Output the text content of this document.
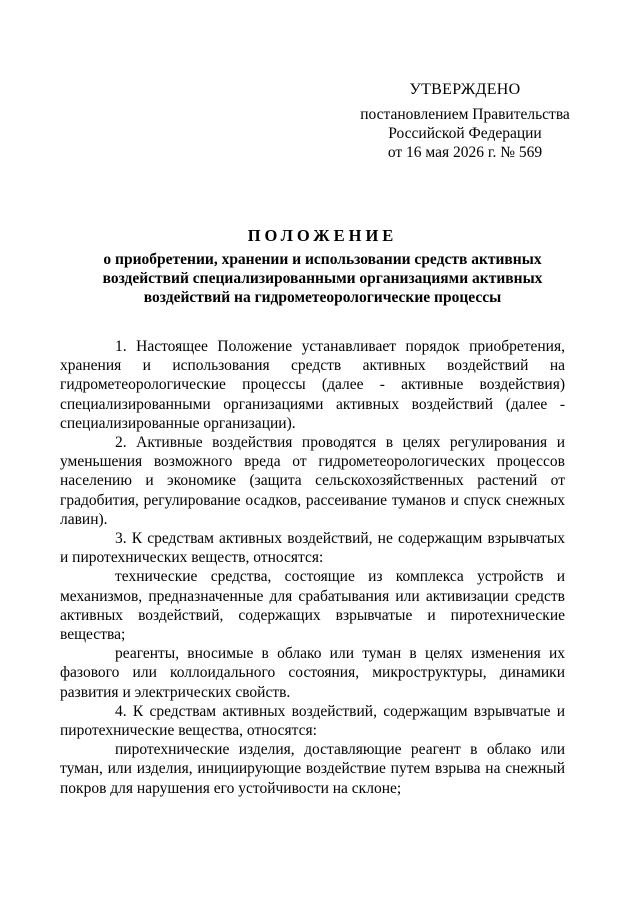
УТВЕРЖДЕНО
постановлением Правительства
Российской Федерации
от 16 мая 2026 г. № 569
ПОЛОЖЕНИЕ
о приобретении, хранении и использовании средств активных воздействий специализированными организациями активных воздействий на гидрометеорологические процессы

1. Настоящее Положение устанавливает порядок приобретения, хранения и использования средств активных воздействий на гидрометеорологические процессы (далее - активные воздействия) специализированными организациями активных воздействий (далее - специализированные организации).

2. Активные воздействия проводятся в целях регулирования и уменьшения возможного вреда от гидрометеорологических процессов населению и экономике (защита сельскохозяйственных растений от градобития, регулирование осадков, рассеивание туманов и спуск снежных лавин).

3. К средствам активных воздействий, не содержащим взрывчатых и пиротехнических веществ, относятся:

технические средства, состоящие из комплекса устройств и механизмов, предназначенные для срабатывания или активизации средств активных воздействий, содержащих взрывчатые и пиротехнические вещества;

реагенты, вносимые в облако или туман в целях изменения их фазового или коллоидального состояния, микроструктуры, динамики развития и электрических свойств.

4. К средствам активных воздействий, содержащим взрывчатые и пиротехнические вещества, относятся:

пиротехнические изделия, доставляющие реагент в облако или туман, или изделия, инициирующие воздействие путем взрыва на снежный покров для нарушения его устойчивости на склоне;
